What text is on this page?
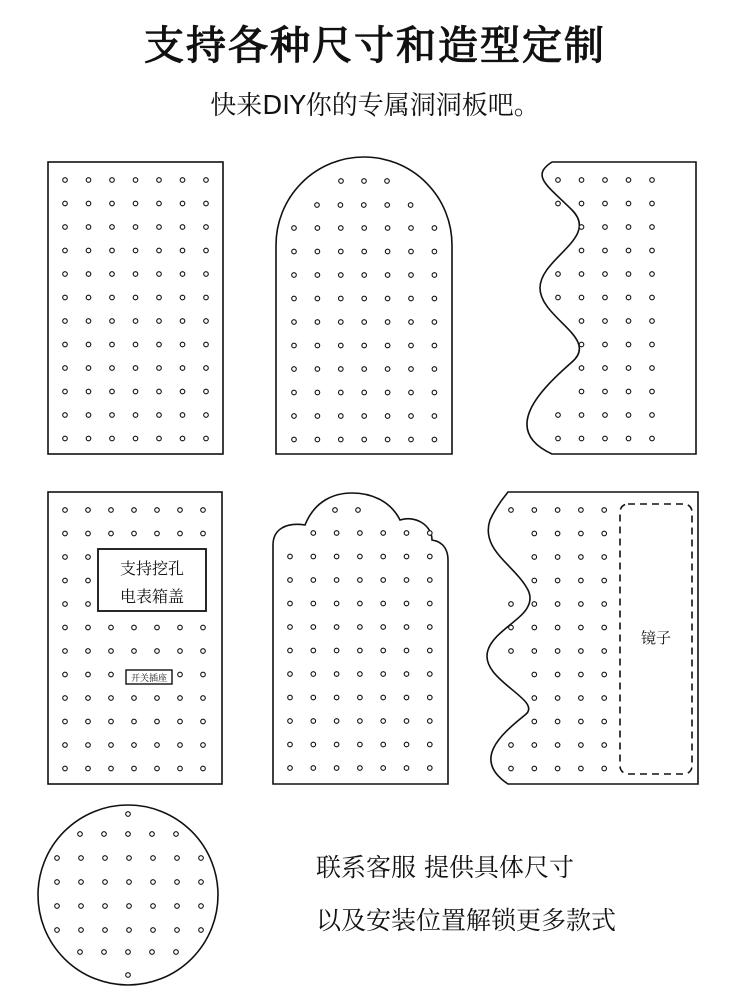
支持各种尺寸和造型定制
快来DIY你的专属洞洞板吧。
支持挖孔
电表箱盖
开关插座
镜子
联系客服 提供具体尺寸
以及安装位置解锁更多款式
